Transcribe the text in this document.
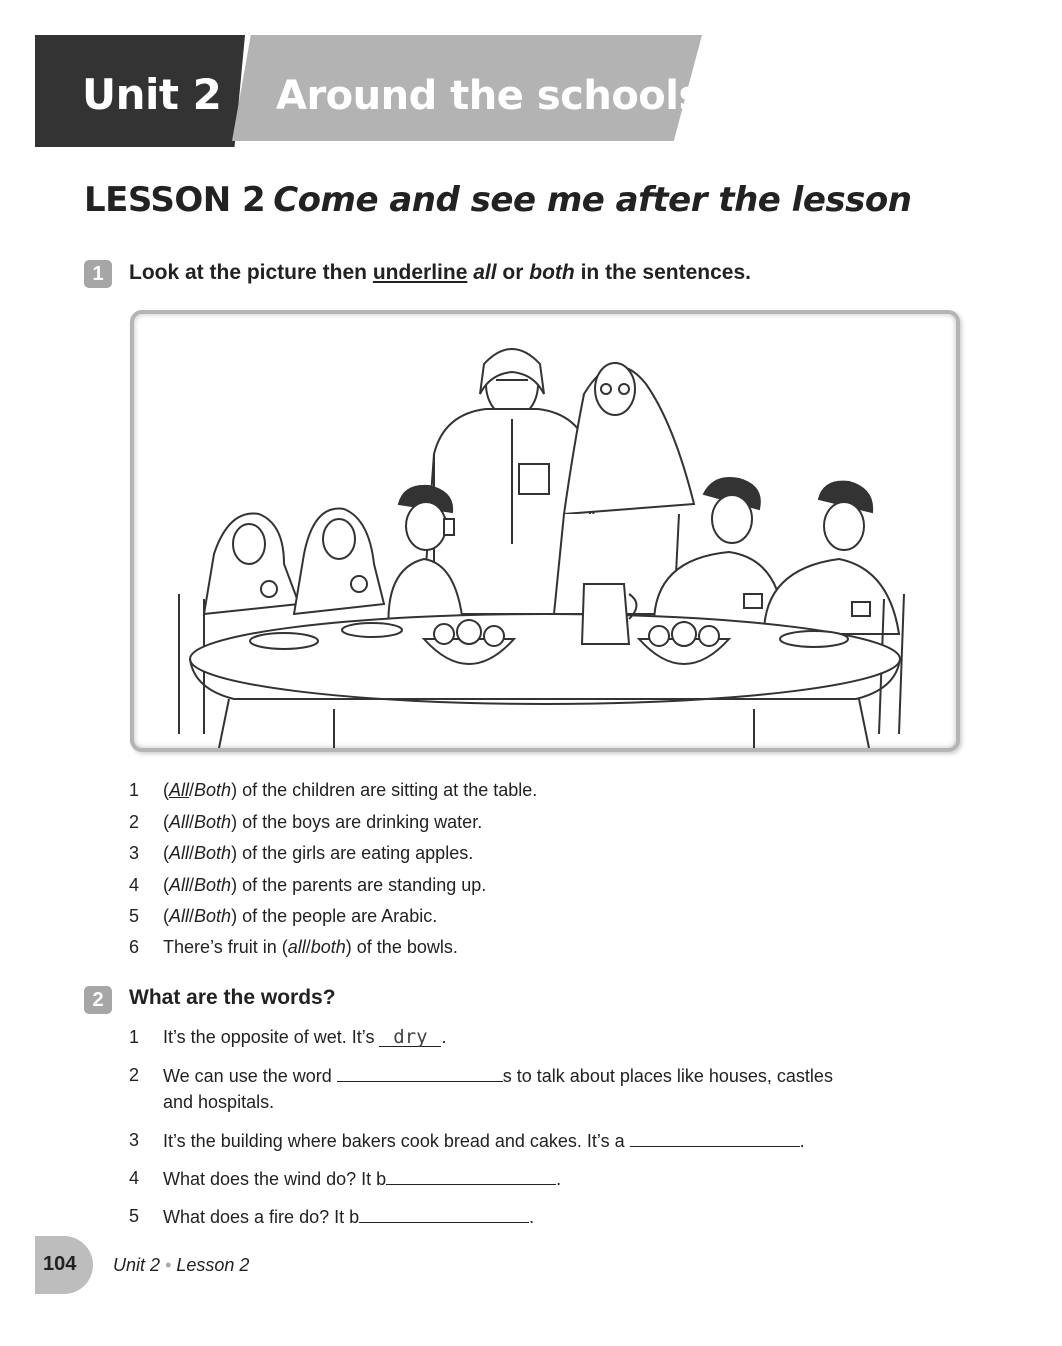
Unit 2 Around the schools
LESSON 2 Come and see me after the lesson
1	Look at the picture then underline all or both in the sentences.
1	(All/Both) of the children are sitting at the table.
2	(All/Both) of the boys are drinking water.
3	(All/Both) of the girls are eating apples.
4	(All/Both) of the parents are standing up.
5	(All/Both) of the people are Arabic.
6	There’s fruit in (all/both) of the bowls.
2	What are the words?
1	It’s the opposite of wet. It’s dry .
2	We can use the word	s to talk about places like houses, castles
and hospitals.
3	It’s the building where bakers cook bread and cakes. It’s a	.
4	What does the wind do? It b	.
5	What does a fire do? It b	.
104 Unit 2 • Lesson 2
